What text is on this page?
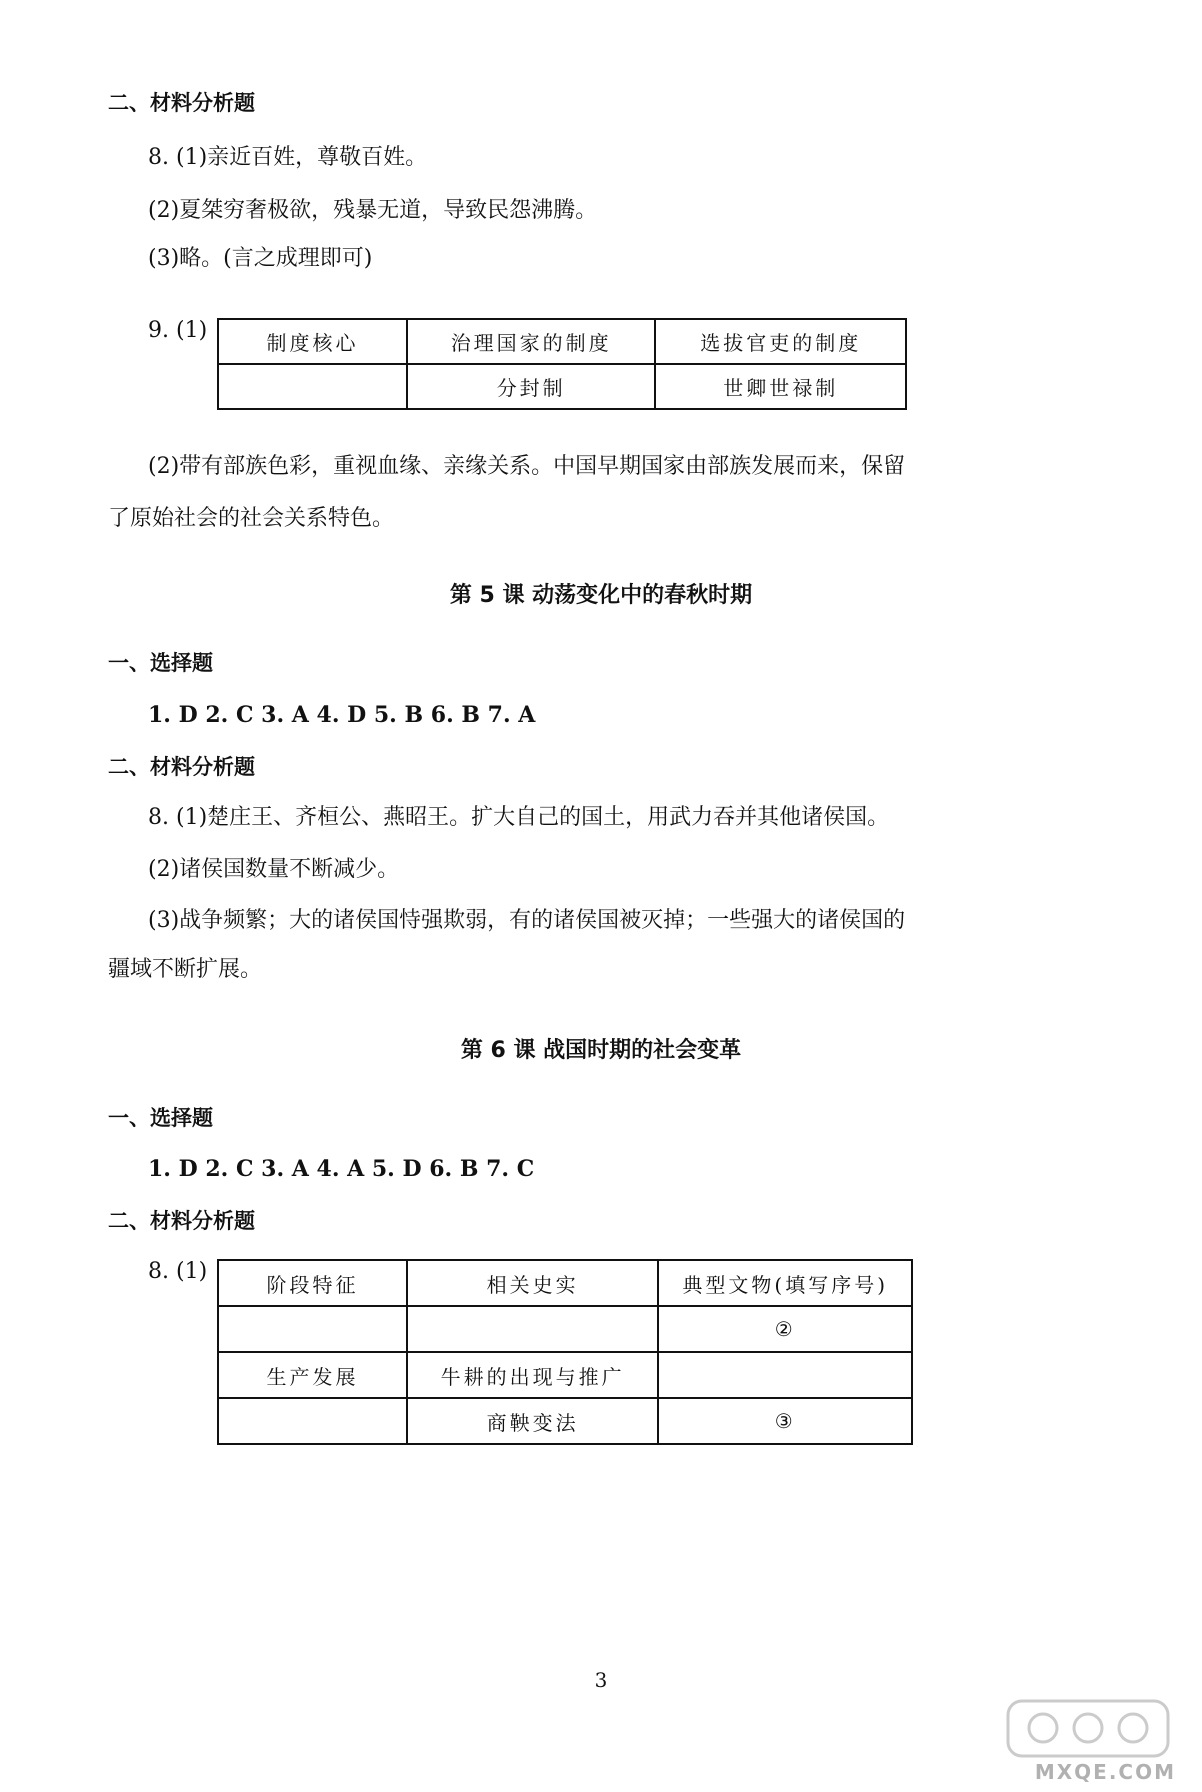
二、材料分析题
8. (1)亲近百姓，尊敬百姓。
(2)夏桀穷奢极欲，残暴无道，导致民怨沸腾。
(3)略。(言之成理即可)
9. (1)	制度核心	治理国家的制度	选拔官吏的制度
	分封制	世卿世禄制
(2)带有部族色彩，重视血缘、亲缘关系。中国早期国家由部族发展而来，保留
了原始社会的社会关系特色。
第 5 课 动荡变化中的春秋时期
一、选择题
1. D 2. C 3. A 4. D 5. B 6. B 7. A
二、材料分析题
8. (1)楚庄王、齐桓公、燕昭王。扩大自己的国土，用武力吞并其他诸侯国。
(2)诸侯国数量不断减少。
(3)战争频繁；大的诸侯国恃强欺弱，有的诸侯国被灭掉；一些强大的诸侯国的
疆域不断扩展。
第 6 课 战国时期的社会变革
一、选择题
1. D 2. C 3. A 4. A 5. D 6. B 7. C
二、材料分析题
8. (1)
阶段特征	相关史实	典型文物(填写序号)
		②
生产发展	牛耕的出现与推广	
	商鞅变法	③
3
MXQE.COM
